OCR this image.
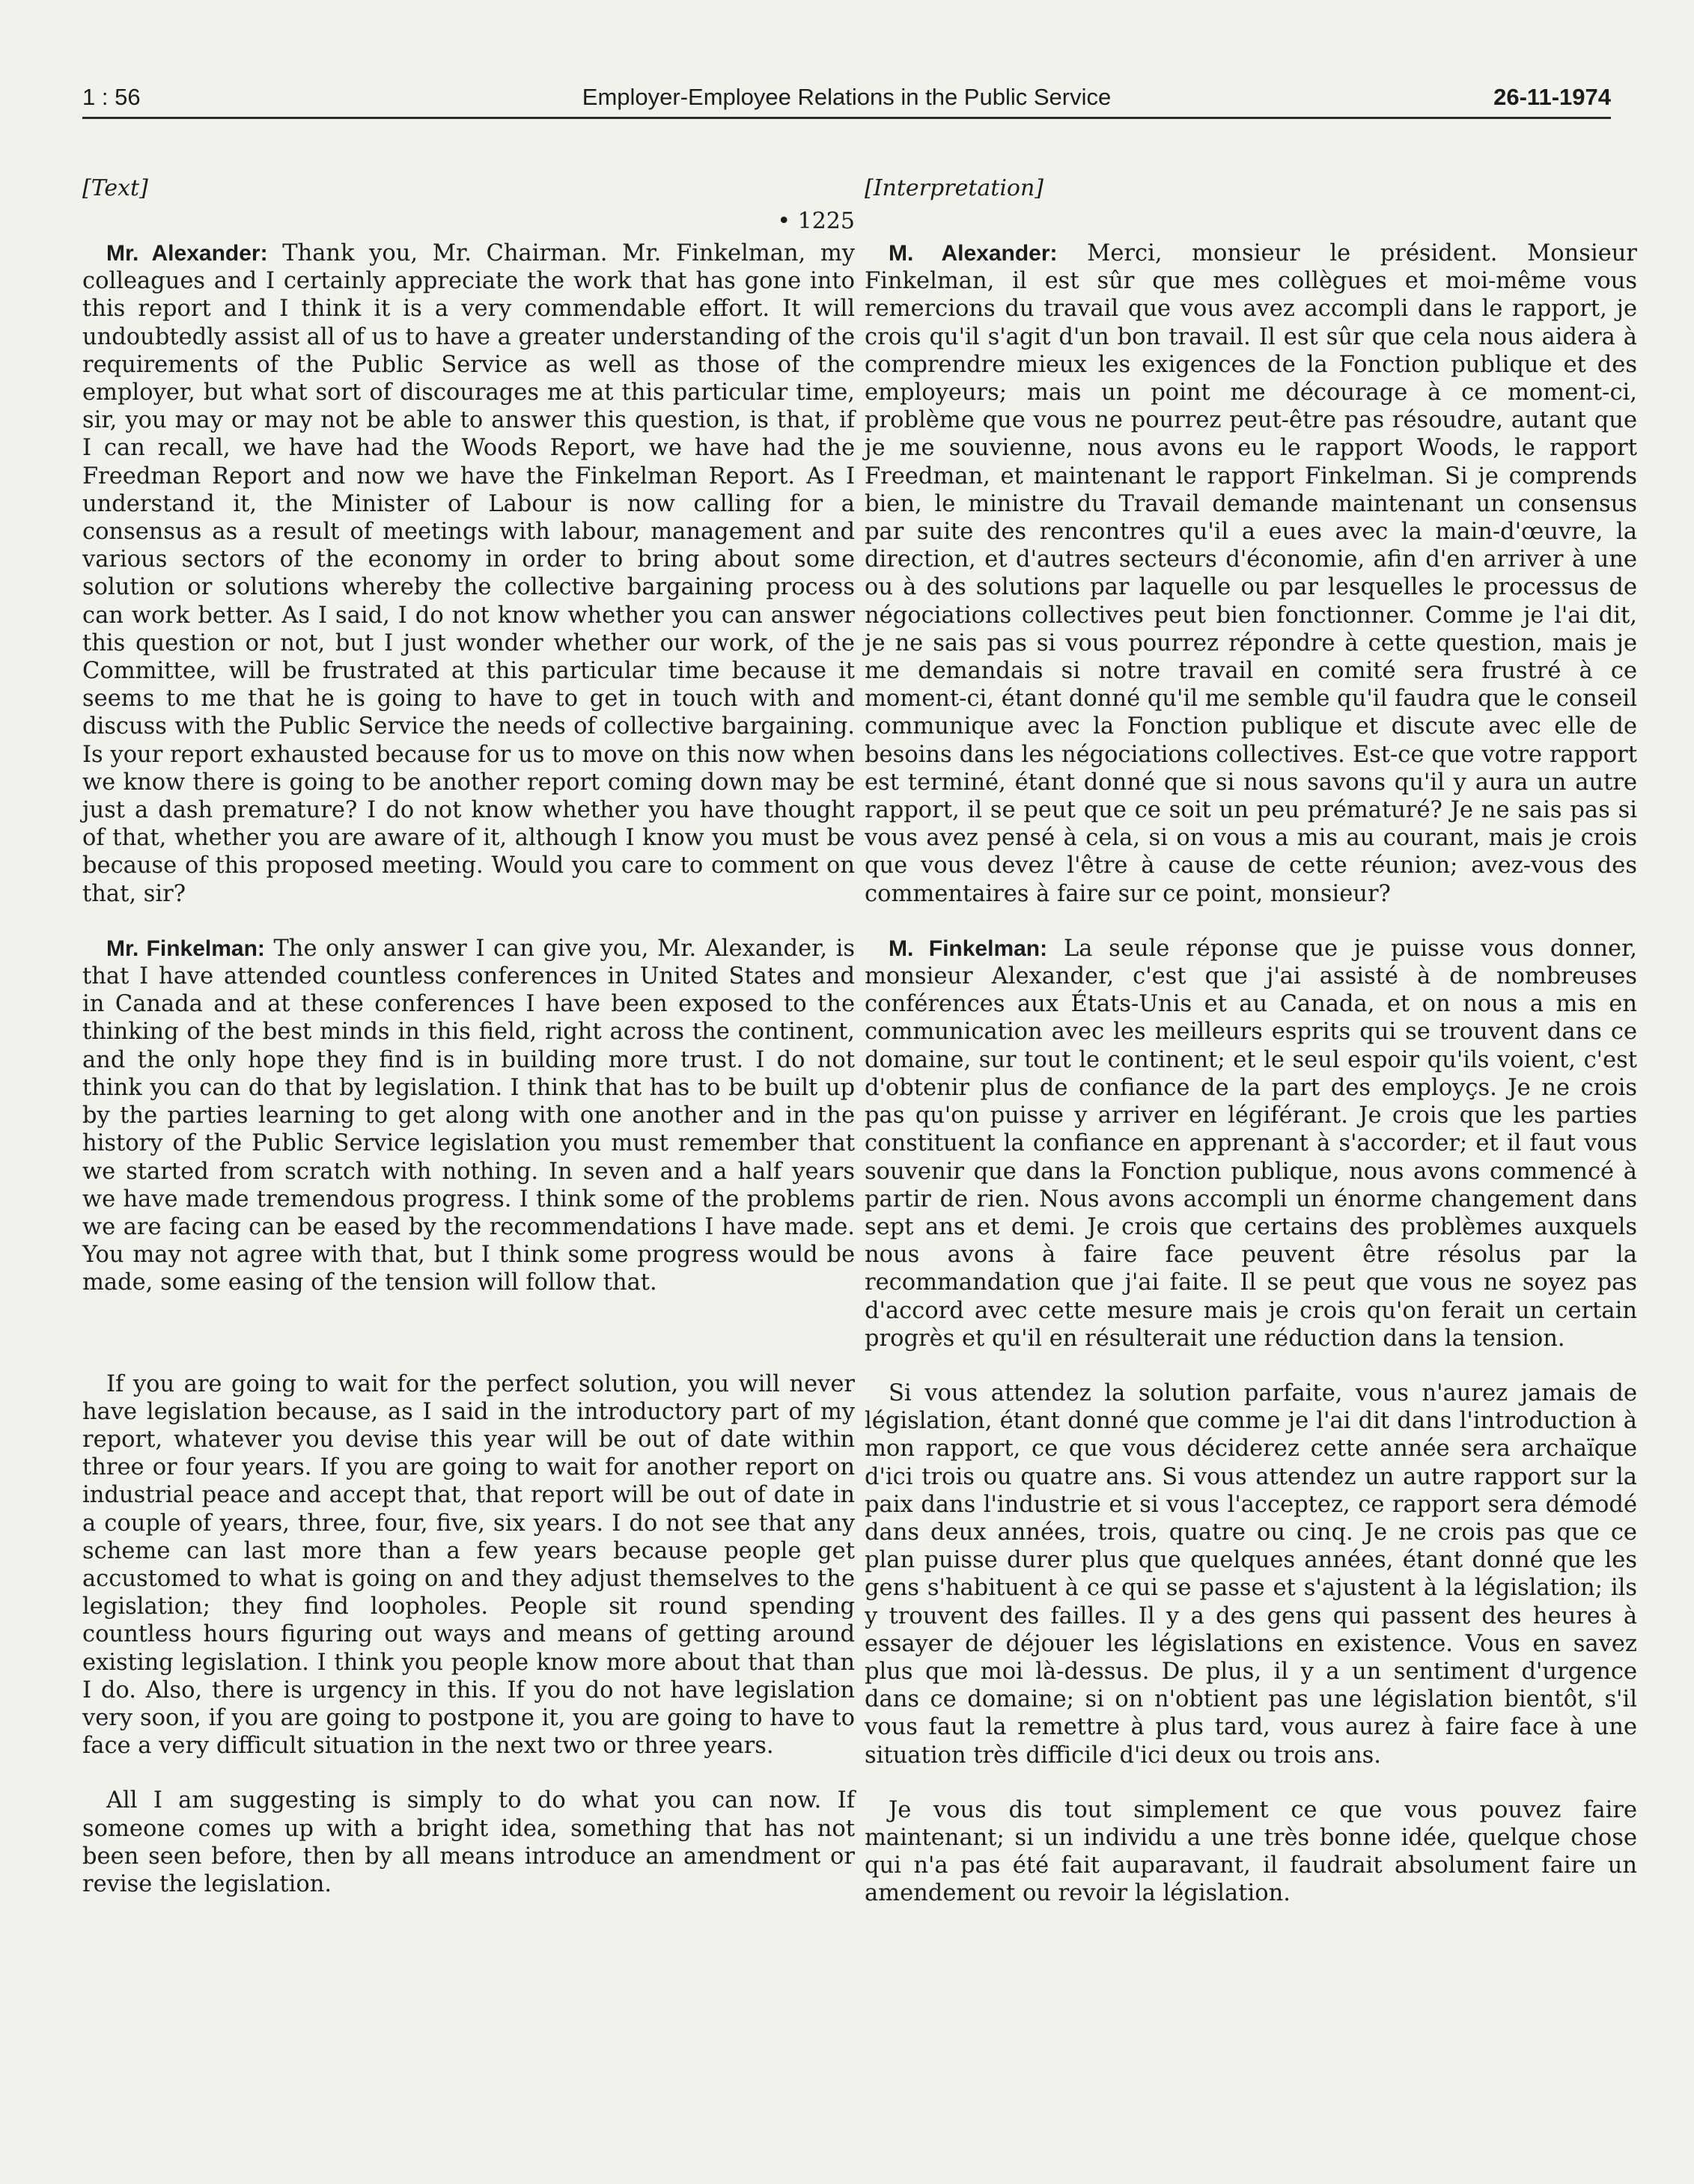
1 : 56	Employer-Employee Relations in the Public Service	26-11-1974
[Text]
• 1225

Mr. Alexander: Thank you, Mr. Chairman. Mr. Finkelman, my colleagues and I certainly appreciate the work that has gone into this report and I think it is a very commendable effort. It will undoubtedly assist all of us to have a greater understanding of the requirements of the Public Service as well as those of the employer, but what sort of discourages me at this particular time, sir, you may or may not be able to answer this question, is that, if I can recall, we have had the Woods Report, we have had the Freedman Report and now we have the Finkelman Report. As I understand it, the Minister of Labour is now calling for a consensus as a result of meetings with labour, management and various sectors of the economy in order to bring about some solution or solutions whereby the collective bargaining process can work better. As I said, I do not know whether you can answer this question or not, but I just wonder whether our work, of the Committee, will be frustrated at this particular time because it seems to me that he is going to have to get in touch with and discuss with the Public Service the needs of collective bargaining. Is your report exhausted because for us to move on this now when we know there is going to be another report coming down may be just a dash premature? I do not know whether you have thought of that, whether you are aware of it, although I know you must be because of this proposed meeting. Would you care to comment on that, sir?

Mr. Finkelman: The only answer I can give you, Mr. Alexander, is that I have attended countless conferences in United States and in Canada and at these conferences I have been exposed to the thinking of the best minds in this field, right across the continent, and the only hope they find is in building more trust. I do not think you can do that by legislation. I think that has to be built up by the parties learning to get along with one another and in the history of the Public Service legislation you must remember that we started from scratch with nothing. In seven and a half years we have made tremendous progress. I think some of the problems we are facing can be eased by the recommendations I have made. You may not agree with that, but I think some progress would be made, some easing of the tension will follow that.

If you are going to wait for the perfect solution, you will never have legislation because, as I said in the introductory part of my report, whatever you devise this year will be out of date within three or four years. If you are going to wait for another report on industrial peace and accept that, that report will be out of date in a couple of years, three, four, five, six years. I do not see that any scheme can last more than a few years because people get accustomed to what is going on and they adjust themselves to the legislation; they find loopholes. People sit round spending countless hours figuring out ways and means of getting around existing legislation. I think you people know more about that than I do. Also, there is urgency in this. If you do not have legislation very soon, if you are going to postpone it, you are going to have to face a very difficult situation in the next two or three years.

All I am suggesting is simply to do what you can now. If someone comes up with a bright idea, something that has not been seen before, then by all means introduce an amendment or revise the legislation.

[Interpretation]

M. Alexander: Merci, monsieur le président. Monsieur Finkelman, il est sûr que mes collègues et moi-même vous remercions du travail que vous avez accompli dans le rapport, je crois qu'il s'agit d'un bon travail. Il est sûr que cela nous aidera à comprendre mieux les exigences de la Fonction publique et des employeurs; mais un point me décourage à ce moment-ci, problème que vous ne pourrez peut-être pas résoudre, autant que je me souvienne, nous avons eu le rapport Woods, le rapport Freedman, et maintenant le rapport Finkelman. Si je comprends bien, le ministre du Travail demande maintenant un consensus par suite des rencontres qu'il a eues avec la main-d'œuvre, la direction, et d'autres secteurs d'économie, afin d'en arriver à une ou à des solutions par laquelle ou par lesquelles le processus de négociations collectives peut bien fonctionner. Comme je l'ai dit, je ne sais pas si vous pourrez répondre à cette question, mais je me demandais si notre travail en comité sera frustré à ce moment-ci, étant donné qu'il me semble qu'il faudra que le conseil communique avec la Fonction publique et discute avec elle de besoins dans les négociations collectives. Est-ce que votre rapport est terminé, étant donné que si nous savons qu'il y aura un autre rapport, il se peut que ce soit un peu prématuré? Je ne sais pas si vous avez pensé à cela, si on vous a mis au courant, mais je crois que vous devez l'être à cause de cette réunion; avez-vous des commentaires à faire sur ce point, monsieur?

M. Finkelman: La seule réponse que je puisse vous donner, monsieur Alexander, c'est que j'ai assisté à de nombreuses conférences aux États-Unis et au Canada, et on nous a mis en communication avec les meilleurs esprits qui se trouvent dans ce domaine, sur tout le continent; et le seul espoir qu'ils voient, c'est d'obtenir plus de confiance de la part des employçs. Je ne crois pas qu'on puisse y arriver en légiférant. Je crois que les parties constituent la confiance en apprenant à s'accorder; et il faut vous souvenir que dans la Fonction publique, nous avons commencé à partir de rien. Nous avons accompli un énorme changement dans sept ans et demi. Je crois que certains des problèmes auxquels nous avons à faire face peuvent être résolus par la recommandation que j'ai faite. Il se peut que vous ne soyez pas d'accord avec cette mesure mais je crois qu'on ferait un certain progrès et qu'il en résulterait une réduction dans la tension.

Si vous attendez la solution parfaite, vous n'aurez jamais de législation, étant donné que comme je l'ai dit dans l'introduction à mon rapport, ce que vous déciderez cette année sera archaïque d'ici trois ou quatre ans. Si vous attendez un autre rapport sur la paix dans l'industrie et si vous l'acceptez, ce rapport sera démodé dans deux années, trois, quatre ou cinq. Je ne crois pas que ce plan puisse durer plus que quelques années, étant donné que les gens s'habituent à ce qui se passe et s'ajustent à la législation; ils y trouvent des failles. Il y a des gens qui passent des heures à essayer de déjouer les législations en existence. Vous en savez plus que moi là-dessus. De plus, il y a un sentiment d'urgence dans ce domaine; si on n'obtient pas une législation bientôt, s'il vous faut la remettre à plus tard, vous aurez à faire face à une situation très difficile d'ici deux ou trois ans.

Je vous dis tout simplement ce que vous pouvez faire maintenant; si un individu a une très bonne idée, quelque chose qui n'a pas été fait auparavant, il faudrait absolument faire un amendement ou revoir la législation.
